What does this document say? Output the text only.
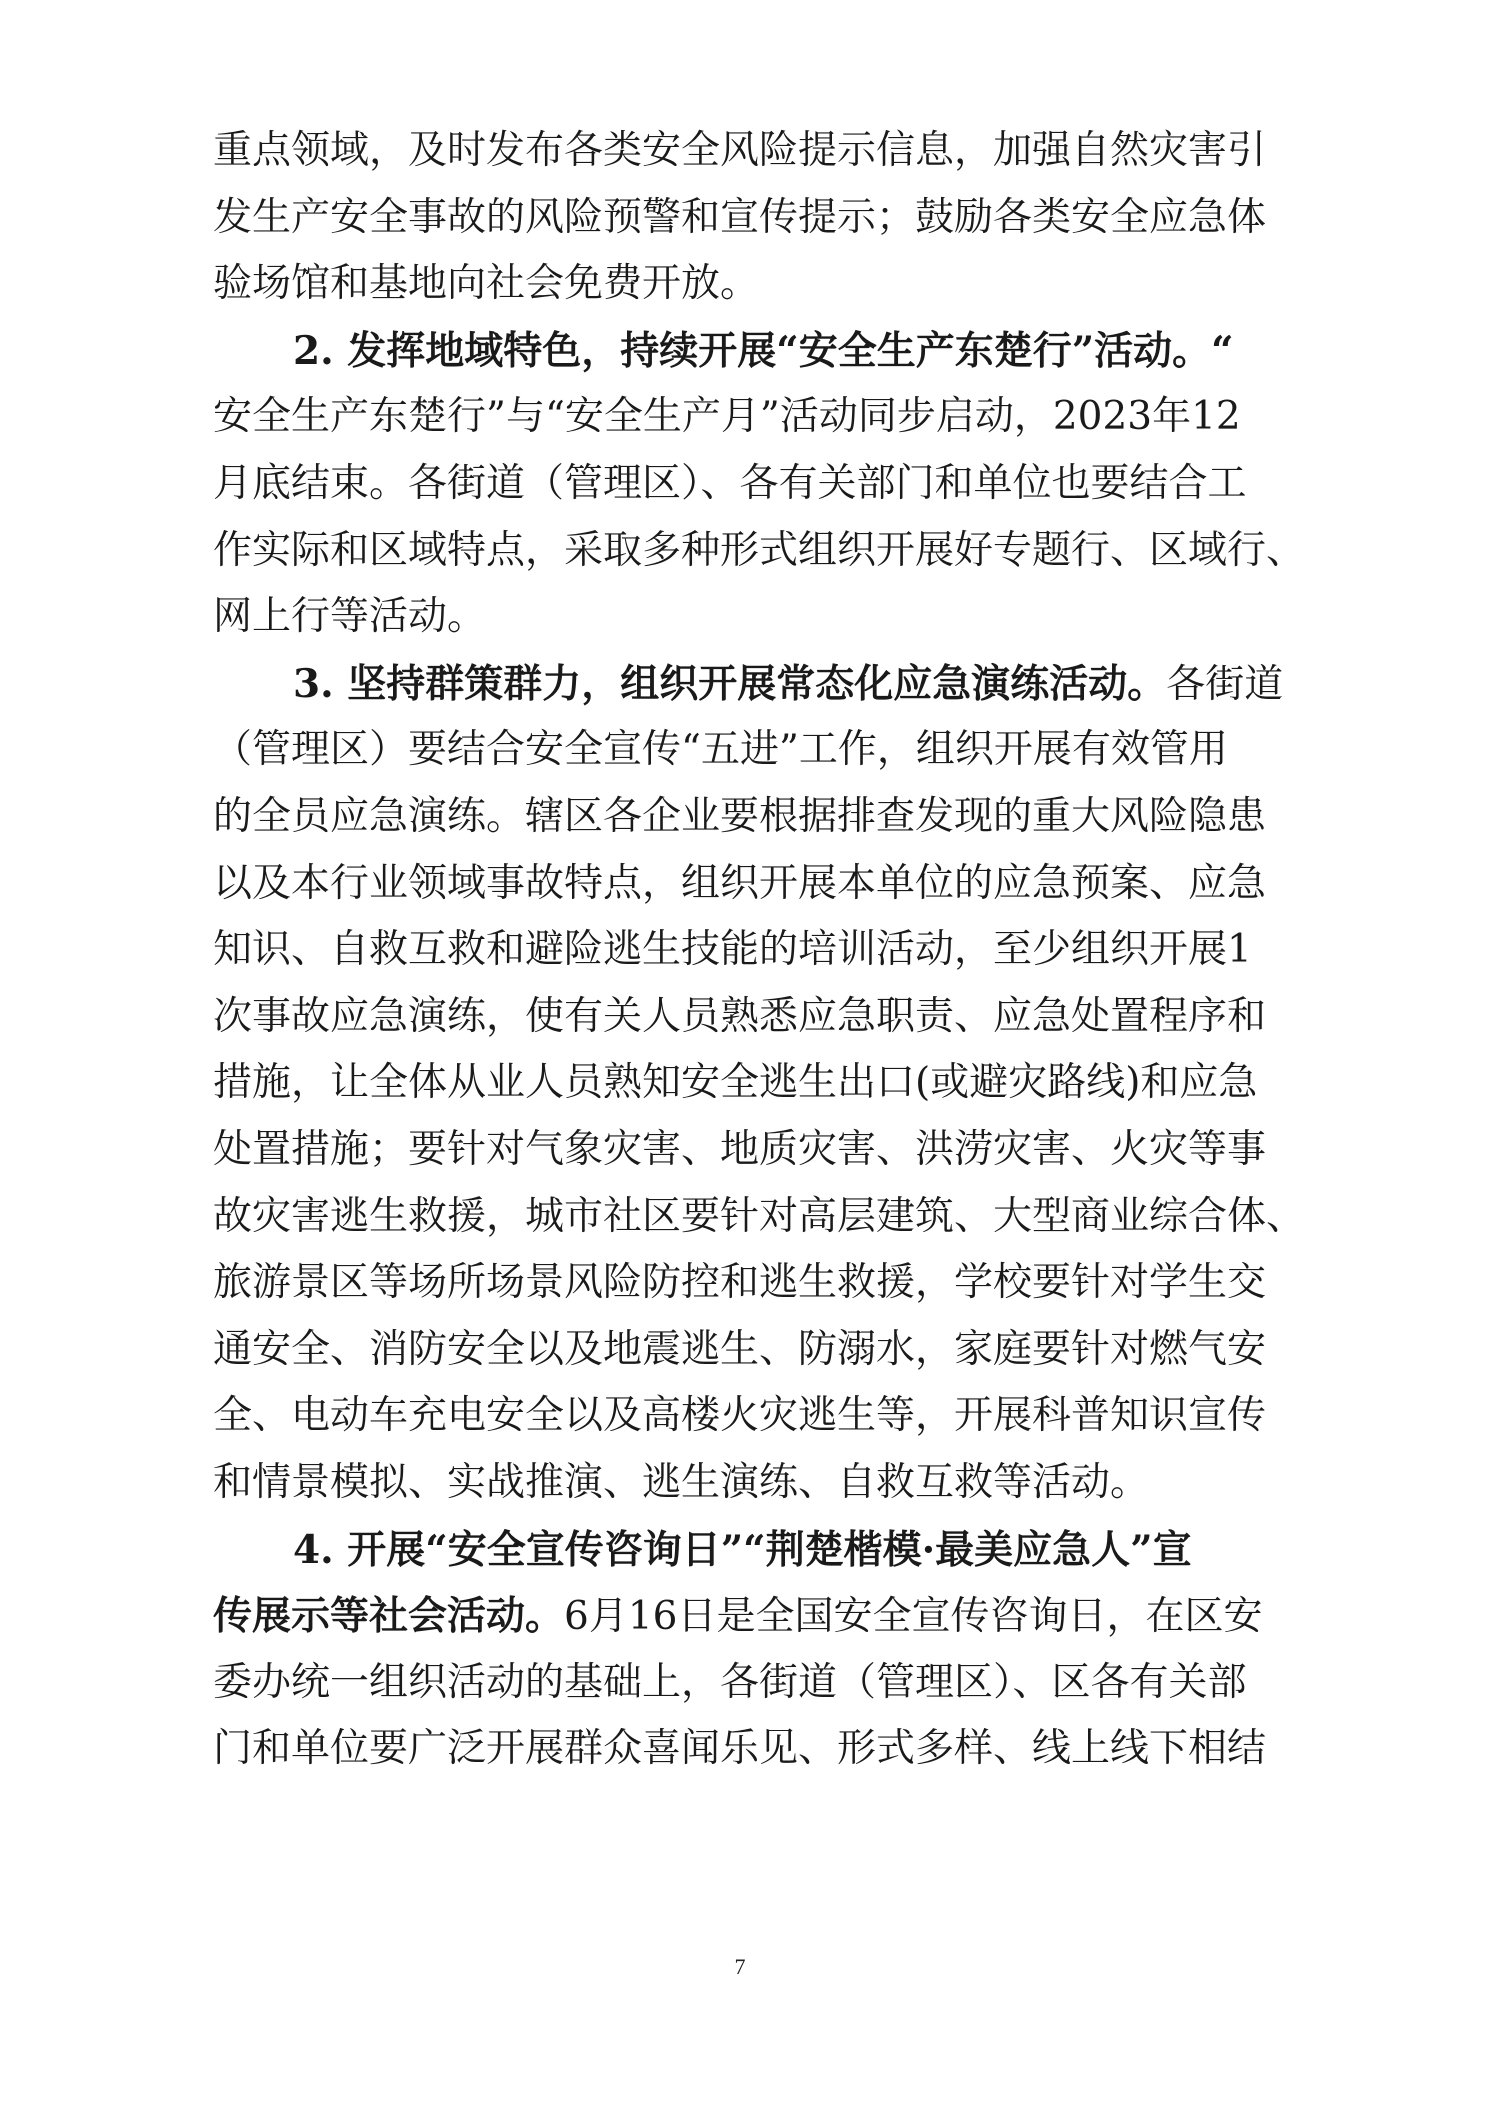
重点领域，及时发布各类安全风险提示信息，加强自然灾害引
发生产安全事故的风险预警和宣传提示；鼓励各类安全应急体
验场馆和基地向社会免费开放。
2. 发挥地域特色，持续开展“安全生产东楚行”活动。“
安全生产东楚行”与“安全生产月”活动同步启动，2023年12
月底结束。各街道（管理区）、各有关部门和单位也要结合工
作实际和区域特点，采取多种形式组织开展好专题行、区域行、
网上行等活动。
3. 坚持群策群力，组织开展常态化应急演练活动。各街道
（管理区）要结合安全宣传“五进”工作，组织开展有效管用
的全员应急演练。辖区各企业要根据排查发现的重大风险隐患
以及本行业领域事故特点，组织开展本单位的应急预案、应急
知识、自救互救和避险逃生技能的培训活动，至少组织开展1
次事故应急演练，使有关人员熟悉应急职责、应急处置程序和
措施，让全体从业人员熟知安全逃生出口(或避灾路线)和应急
处置措施；要针对气象灾害、地质灾害、洪涝灾害、火灾等事
故灾害逃生救援，城市社区要针对高层建筑、大型商业综合体、
旅游景区等场所场景风险防控和逃生救援，学校要针对学生交
通安全、消防安全以及地震逃生、防溺水，家庭要针对燃气安
全、电动车充电安全以及高楼火灾逃生等，开展科普知识宣传
和情景模拟、实战推演、逃生演练、自救互救等活动。
4. 开展“安全宣传咨询日”“荆楚楷模·最美应急人”宣
传展示等社会活动。6月16日是全国安全宣传咨询日，在区安
委办统一组织活动的基础上，各街道（管理区）、区各有关部
门和单位要广泛开展群众喜闻乐见、形式多样、线上线下相结
7
